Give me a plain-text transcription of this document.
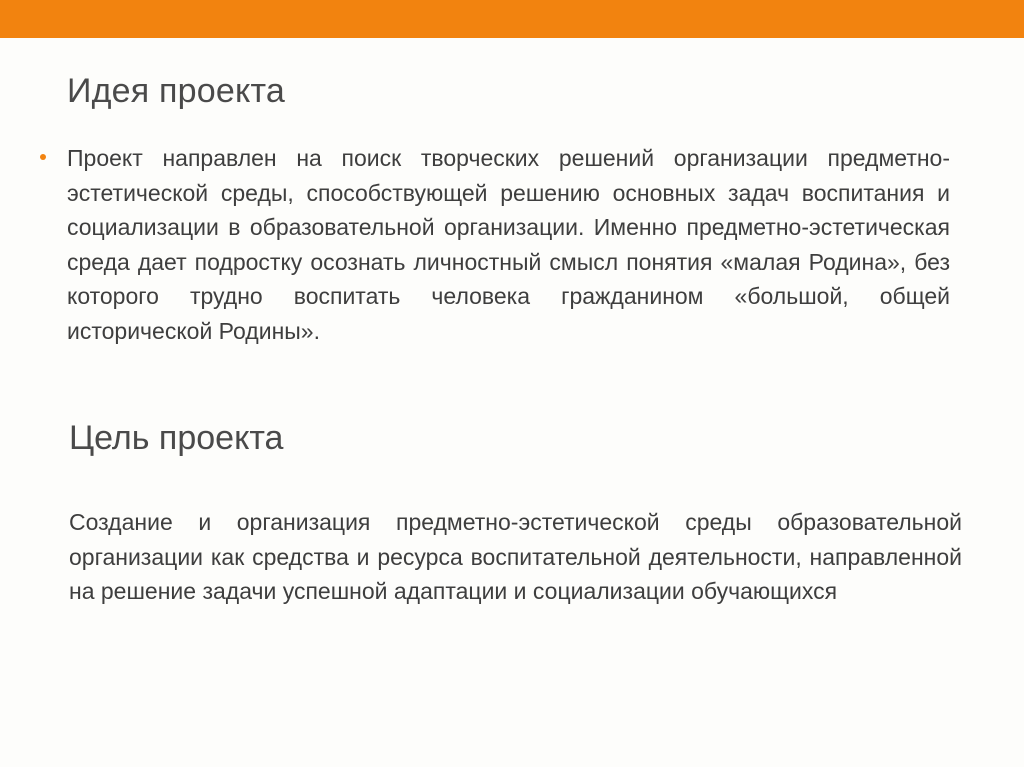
Идея проекта

Проект направлен на поиск творческих решений организации предметно-эстетической среды, способствующей решению основных задач воспитания и социализации в образовательной организации. Именно предметно-эстетическая среда дает подростку осознать личностный смысл понятия «малая Родина», без которого трудно воспитать человека гражданином «большой, общей исторической Родины».

Цель проекта

Создание и организация предметно-эстетической среды образовательной организации как средства и ресурса воспитательной деятельности, направленной на решение задачи успешной адаптации и социализации обучающихся
